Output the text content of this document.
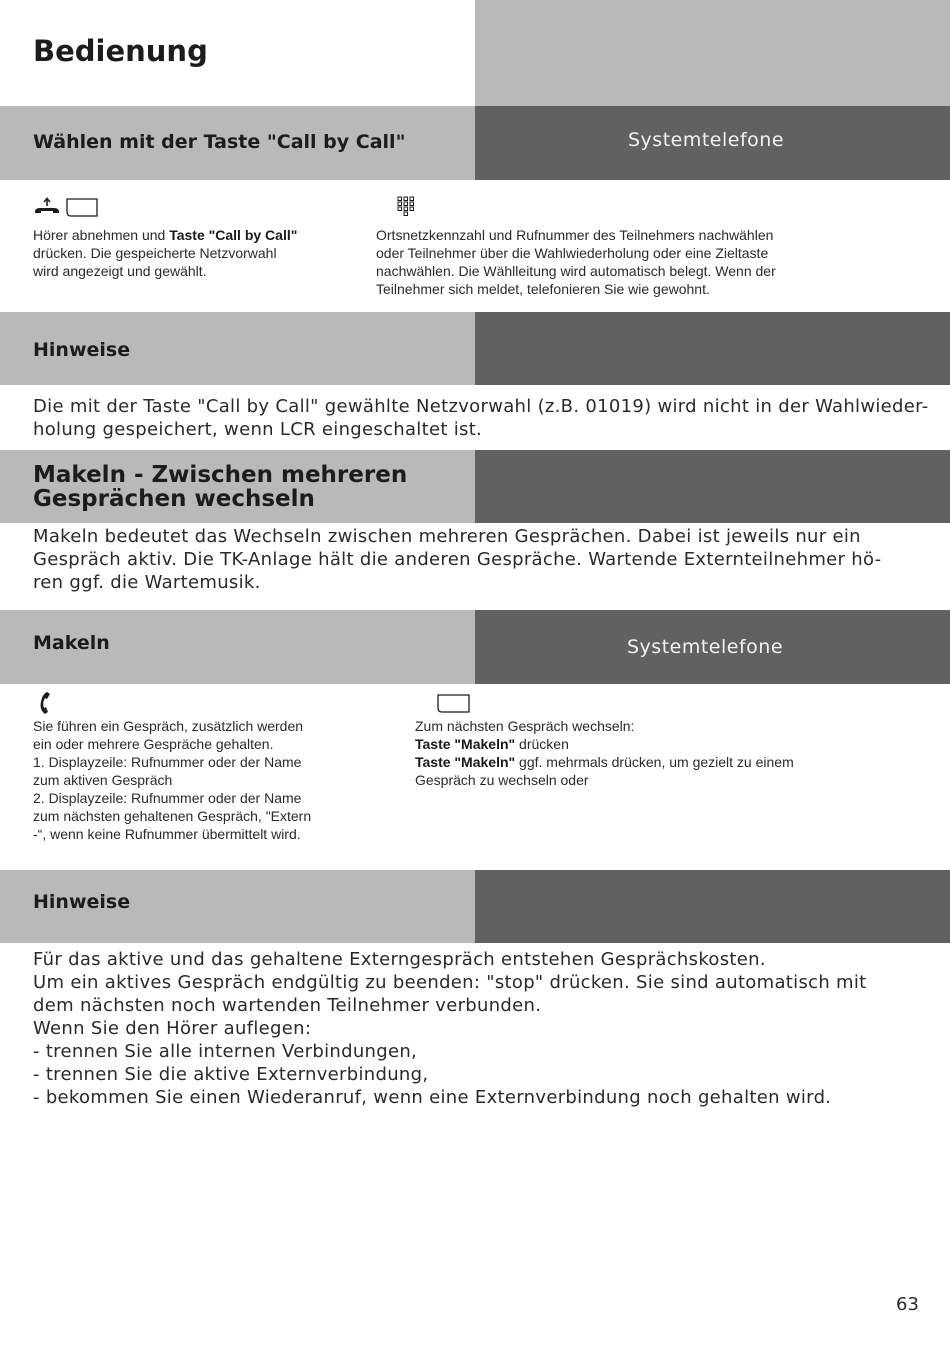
Bedienung
Wählen mit der Taste "Call by Call"	Systemtelefone
Hörer abnehmen und Taste "Call by Call"
drücken. Die gespeicherte Netzvorwahl
wird angezeigt und gewählt.
Ortsnetzkennzahl und Rufnummer des Teilnehmers nachwählen
oder Teilnehmer über die Wahlwiederholung oder eine Zieltaste
nachwählen. Die Wählleitung wird automatisch belegt. Wenn der
Teilnehmer sich meldet, telefonieren Sie wie gewohnt.
Hinweise
Die mit der Taste "Call by Call" gewählte Netzvorwahl (z.B. 01019) wird nicht in der Wahlwieder-
holung gespeichert, wenn LCR eingeschaltet ist.
Makeln - Zwischen mehreren
Gesprächen wechseln
Makeln bedeutet das Wechseln zwischen mehreren Gesprächen. Dabei ist jeweils nur ein
Gespräch aktiv. Die TK-Anlage hält die anderen Gespräche. Wartende Externteilnehmer hö-
ren ggf. die Wartemusik.
Makeln	Systemtelefone
Sie führen ein Gespräch, zusätzlich werden
ein oder mehrere Gespräche gehalten.
1. Displayzeile: Rufnummer oder der Name
zum aktiven Gespräch
2. Displayzeile: Rufnummer oder der Name
zum nächsten gehaltenen Gespräch, "Extern
-“, wenn keine Rufnummer übermittelt wird.
Zum nächsten Gespräch wechseln:
Taste "Makeln" drücken
Taste "Makeln" ggf. mehrmals drücken, um gezielt zu einem
Gespräch zu wechseln oder
Hinweise
Für das aktive und das gehaltene Externgespräch entstehen Gesprächskosten.
Um ein aktives Gespräch endgültig zu beenden: "stop" drücken. Sie sind automatisch mit
dem nächsten noch wartenden Teilnehmer verbunden.
Wenn Sie den Hörer auflegen:
- trennen Sie alle internen Verbindungen,
- trennen Sie die aktive Externverbindung,
- bekommen Sie einen Wiederanruf, wenn eine Externverbindung noch gehalten wird.
63
